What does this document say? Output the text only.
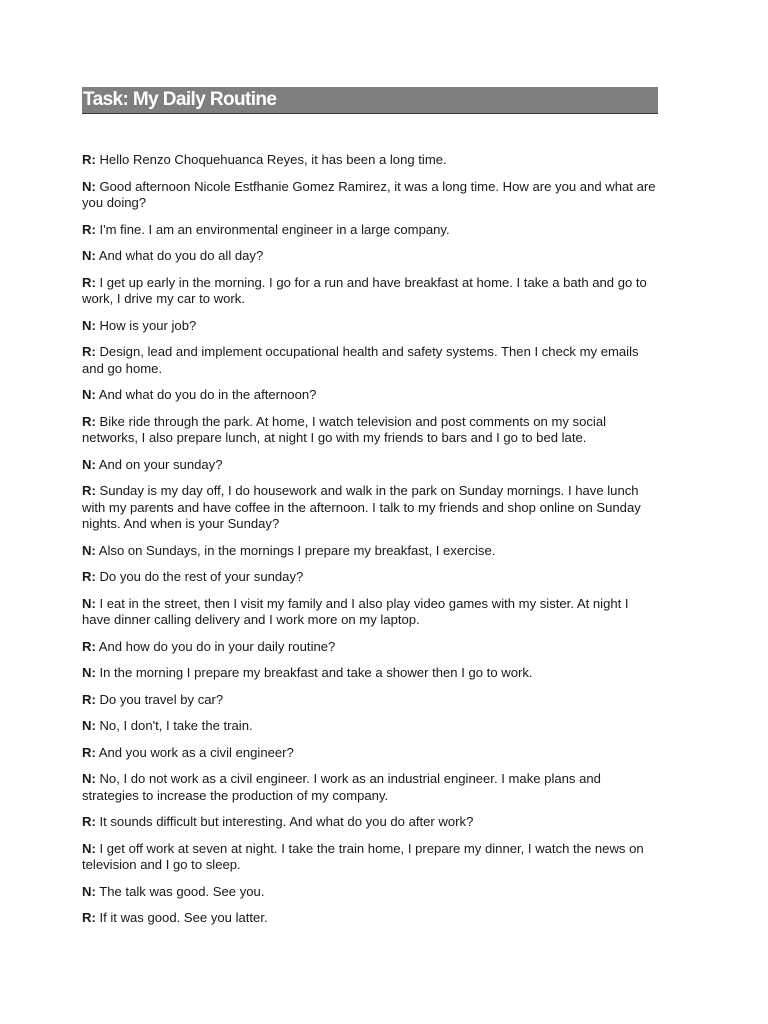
Task: My Daily Routine

R: Hello Renzo Choquehuanca Reyes, it has been a long time.

N: Good afternoon Nicole Estfhanie Gomez Ramirez, it was a long time. How are you and what are you doing?

R: I'm fine. I am an environmental engineer in a large company.

N: And what do you do all day?

R: I get up early in the morning. I go for a run and have breakfast at home. I take a bath and go to work, I drive my car to work.

N: How is your job?

R: Design, lead and implement occupational health and safety systems. Then I check my emails and go home.

N: And what do you do in the afternoon?

R: Bike ride through the park. At home, I watch television and post comments on my social networks, I also prepare lunch, at night I go with my friends to bars and I go to bed late.

N: And on your sunday?

R: Sunday is my day off, I do housework and walk in the park on Sunday mornings. I have lunch with my parents and have coffee in the afternoon. I talk to my friends and shop online on Sunday nights. And when is your Sunday?

N: Also on Sundays, in the mornings I prepare my breakfast, I exercise.

R: Do you do the rest of your sunday?

N: I eat in the street, then I visit my family and I also play video games with my sister. At night I have dinner calling delivery and I work more on my laptop.

R: And how do you do in your daily routine?

N: In the morning I prepare my breakfast and take a shower then I go to work.

R: Do you travel by car?

N: No, I don't, I take the train.

R: And you work as a civil engineer?

N: No, I do not work as a civil engineer. I work as an industrial engineer. I make plans and strategies to increase the production of my company.

R: It sounds difficult but interesting. And what do you do after work?

N: I get off work at seven at night. I take the train home, I prepare my dinner, I watch the news on television and I go to sleep.

N: The talk was good. See you.

R: If it was good. See you latter.
